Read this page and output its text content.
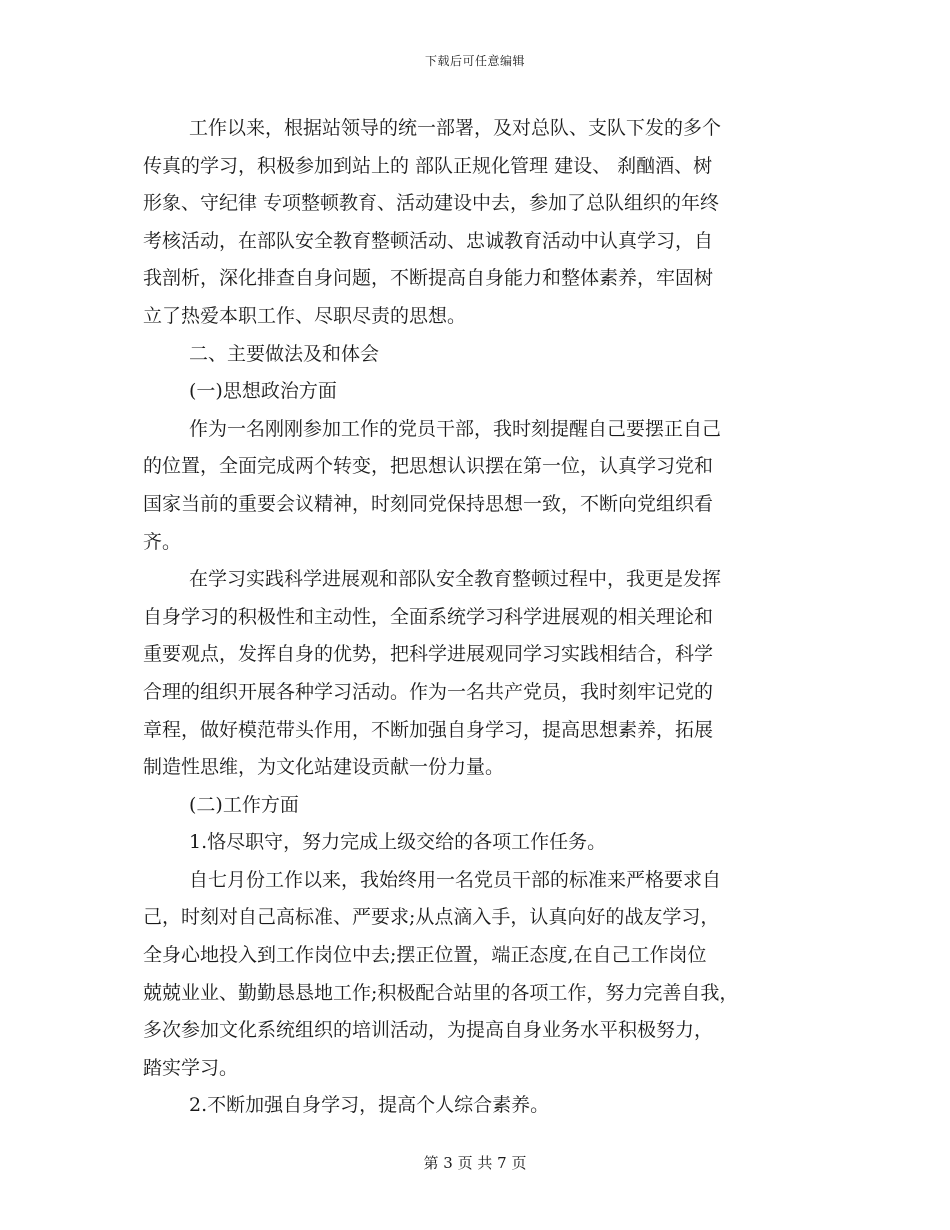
下载后可任意编辑
工作以来，根据站领导的统一部署，及对总队、支队下发的多个
传真的学习，积极参加到站上的 部队正规化管理 建设、 刹酗酒、树
形象、守纪律 专项整顿教育、活动建设中去，参加了总队组织的年终
考核活动，在部队安全教育整顿活动、忠诚教育活动中认真学习，自
我剖析，深化排查自身问题，不断提高自身能力和整体素养，牢固树
立了热爱本职工作、尽职尽责的思想。
二、主要做法及和体会
(一)思想政治方面
作为一名刚刚参加工作的党员干部，我时刻提醒自己要摆正自己
的位置，全面完成两个转变，把思想认识摆在第一位，认真学习党和
国家当前的重要会议精神，时刻同党保持思想一致，不断向党组织看
齐。
在学习实践科学进展观和部队安全教育整顿过程中，我更是发挥
自身学习的积极性和主动性，全面系统学习科学进展观的相关理论和
重要观点，发挥自身的优势，把科学进展观同学习实践相结合，科学
合理的组织开展各种学习活动。作为一名共产党员，我时刻牢记党的
章程，做好模范带头作用，不断加强自身学习，提高思想素养，拓展
制造性思维，为文化站建设贡献一份力量。
(二)工作方面
1.恪尽职守，努力完成上级交给的各项工作任务。
自七月份工作以来，我始终用一名党员干部的标准来严格要求自
己，时刻对自己高标准、严要求;从点滴入手，认真向好的战友学习，
全身心地投入到工作岗位中去;摆正位置，端正态度,在自己工作岗位
兢兢业业、勤勤恳恳地工作;积极配合站里的各项工作，努力完善自我，
多次参加文化系统组织的培训活动，为提高自身业务水平积极努力，
踏实学习。
2.不断加强自身学习，提高个人综合素养。
第 3 页 共 7 页
